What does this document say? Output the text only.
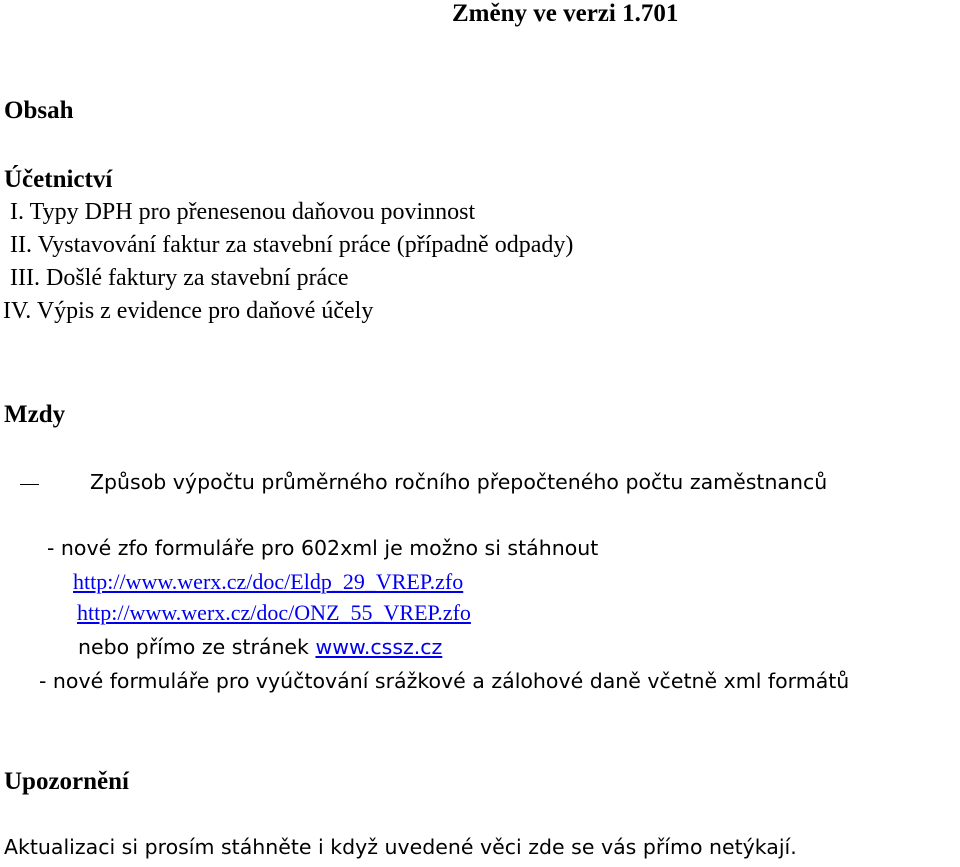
Změny ve verzi 1.701
Obsah
Účetnictví
I. Typy DPH pro přenesenou daňovou povinnost
II. Vystavování faktur za stavební práce (případně odpady)
III. Došlé faktury za stavební práce
IV. Výpis z evidence pro daňové účely
Mzdy
Způsob výpočtu průměrného ročního přepočteného počtu zaměstnanců
- nové zfo formuláře pro 602xml je možno si stáhnout
http://www.werx.cz/doc/Eldp_29_VREP.zfo
http://www.werx.cz/doc/ONZ_55_VREP.zfo
nebo přímo ze stránek www.cssz.cz
- nové formuláře pro vyúčtování srážkové a zálohové daně včetně xml formátů
Upozornění
Aktualizaci si prosím stáhněte i když uvedené věci zde se vás přímo netýkají.
